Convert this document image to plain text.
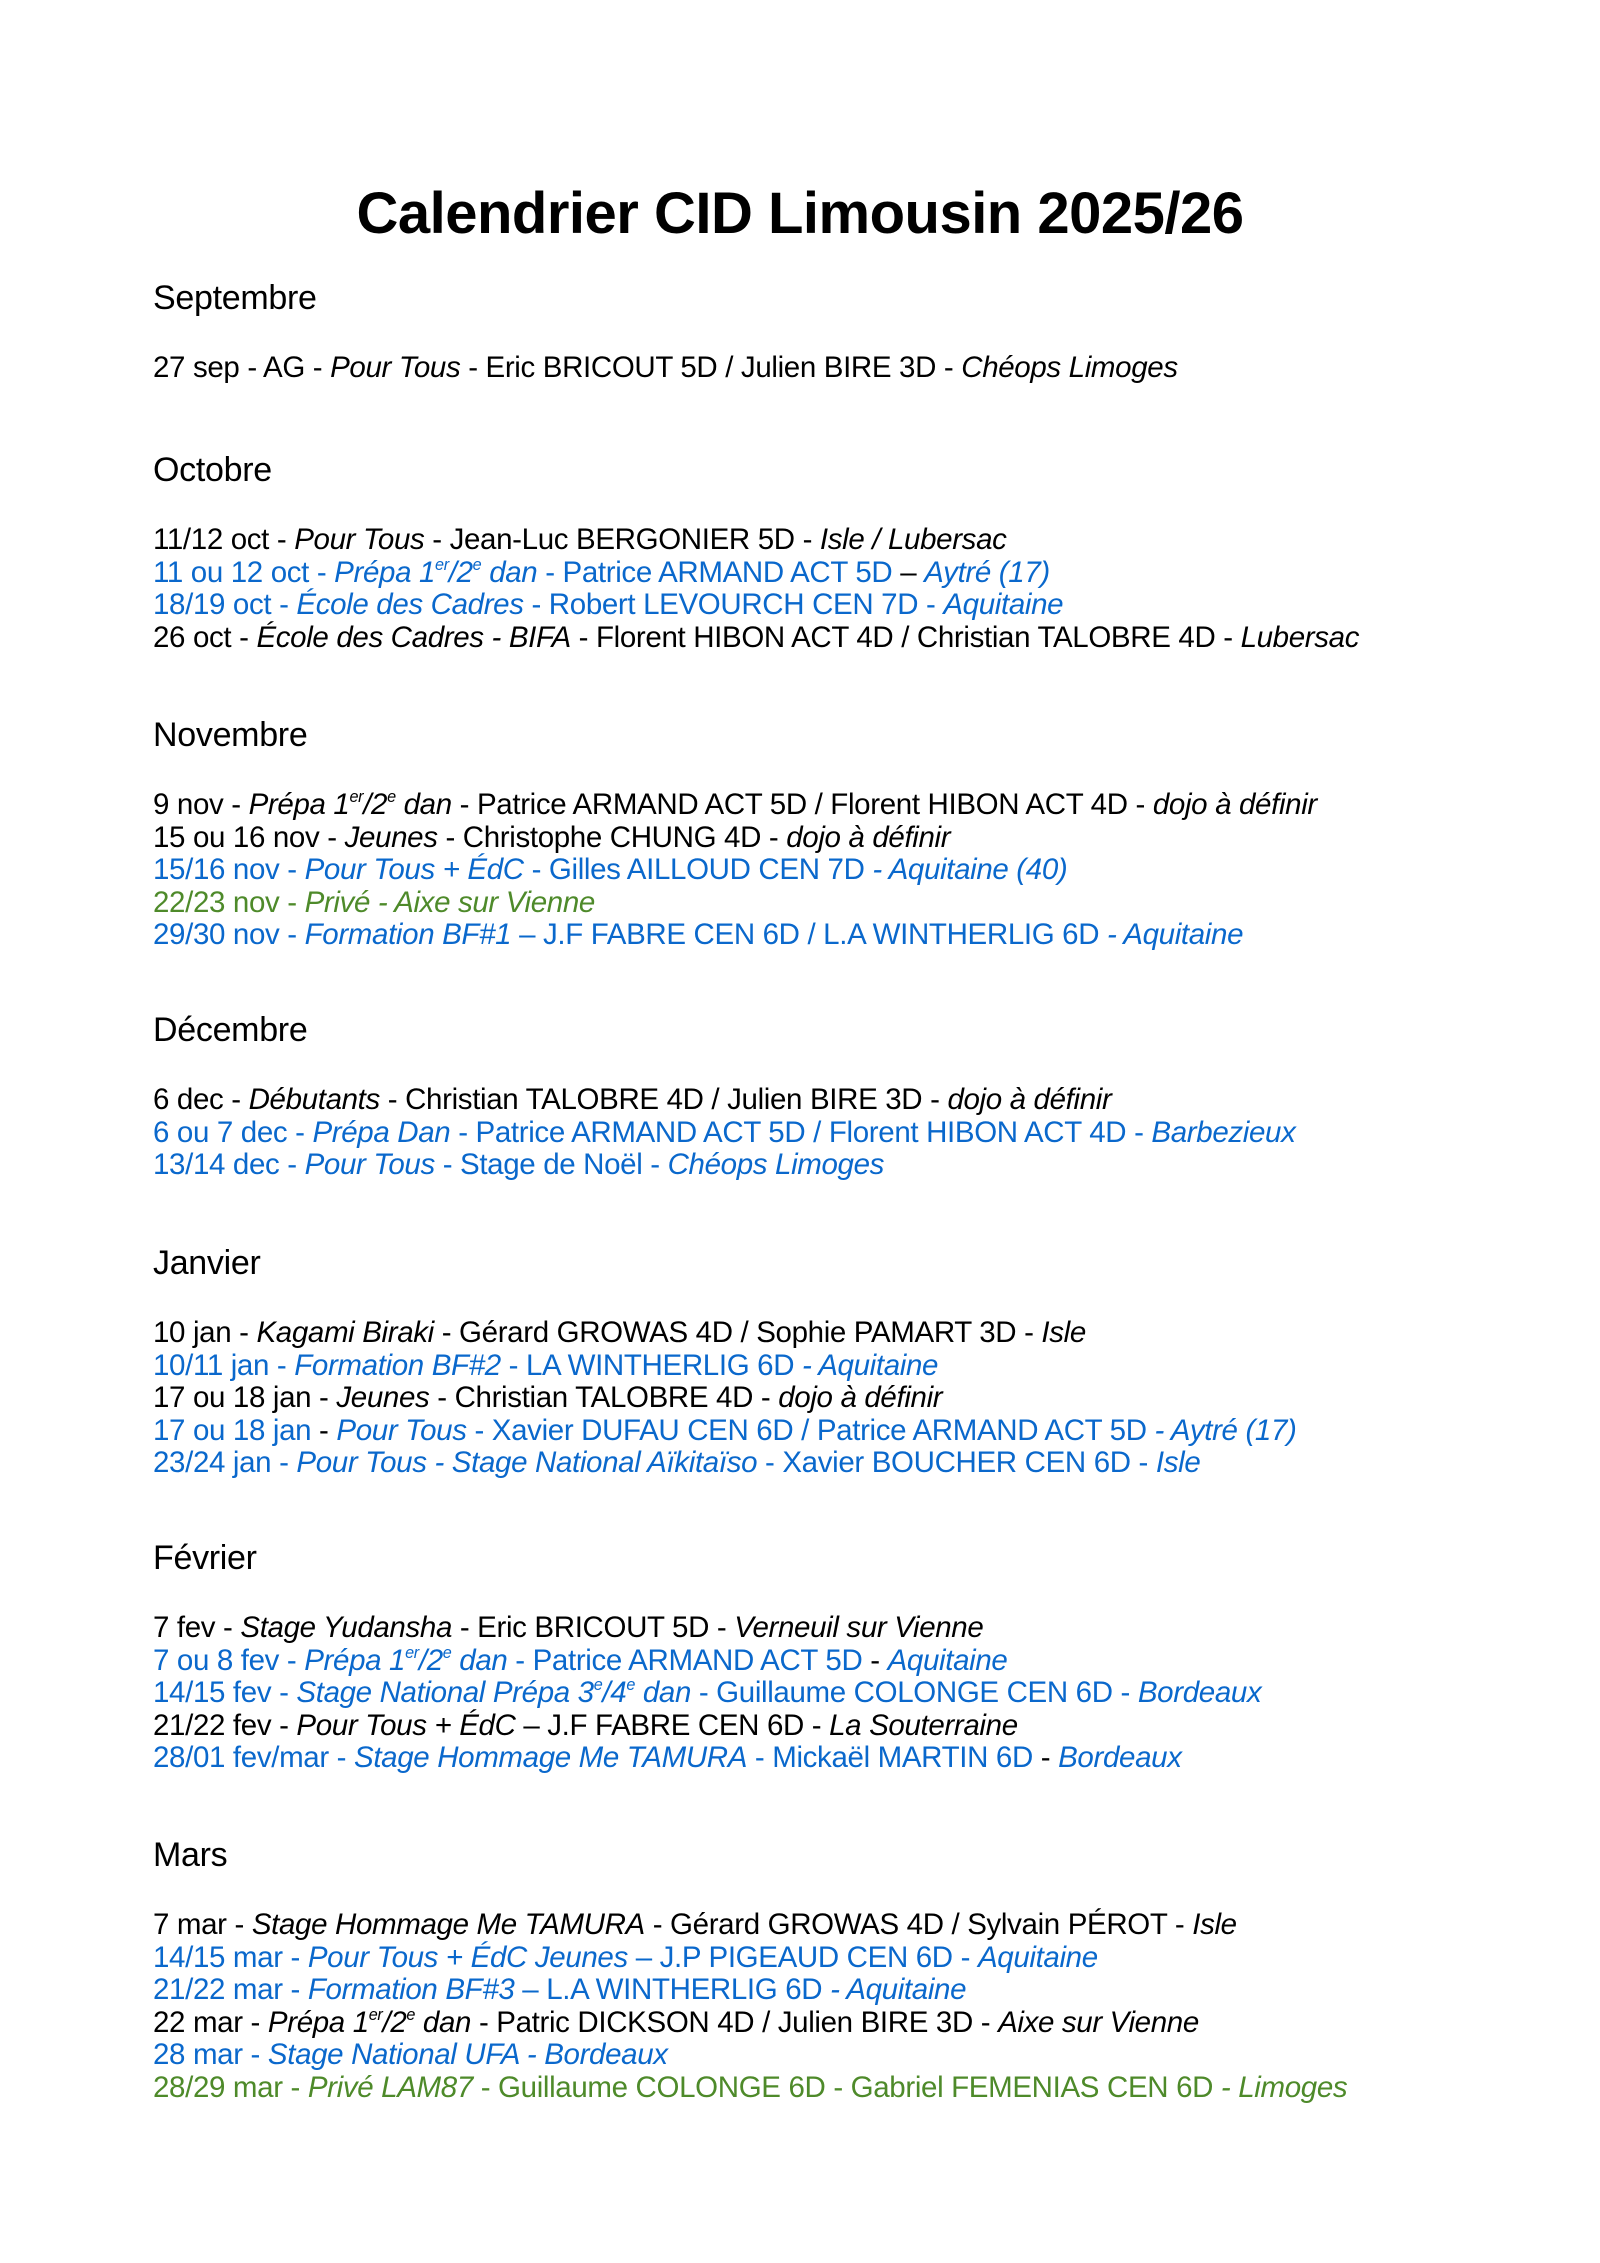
Calendrier CID Limousin 2025/26
Septembre
27 sep - AG - Pour Tous - Eric BRICOUT 5D / Julien BIRE 3D - Chéops Limoges
Octobre
11/12 oct - Pour Tous - Jean-Luc BERGONIER 5D - Isle / Lubersac
11 ou 12 oct - Prépa 1er/2e dan - Patrice ARMAND ACT 5D – Aytré (17)
18/19 oct - École des Cadres - Robert LEVOURCH CEN 7D - Aquitaine
26 oct - École des Cadres - BIFA - Florent HIBON ACT 4D / Christian TALOBRE 4D - Lubersac
Novembre
9 nov - Prépa 1er/2e dan - Patrice ARMAND ACT 5D / Florent HIBON ACT 4D - dojo à définir
15 ou 16 nov - Jeunes - Christophe CHUNG 4D - dojo à définir
15/16 nov - Pour Tous + ÉdC - Gilles AILLOUD CEN 7D - Aquitaine (40)
22/23 nov - Privé - Aixe sur Vienne
29/30 nov - Formation BF#1 – J.F FABRE CEN 6D / L.A WINTHERLIG 6D - Aquitaine
Décembre
6 dec - Débutants - Christian TALOBRE 4D / Julien BIRE 3D - dojo à définir
6 ou 7 dec - Prépa Dan - Patrice ARMAND ACT 5D / Florent HIBON ACT 4D - Barbezieux
13/14 dec - Pour Tous - Stage de Noël - Chéops Limoges
Janvier
10 jan - Kagami Biraki - Gérard GROWAS 4D / Sophie PAMART 3D - Isle
10/11 jan - Formation BF#2 - LA WINTHERLIG 6D - Aquitaine
17 ou 18 jan - Jeunes - Christian TALOBRE 4D - dojo à définir
17 ou 18 jan - Pour Tous - Xavier DUFAU CEN 6D / Patrice ARMAND ACT 5D - Aytré (17)
23/24 jan - Pour Tous - Stage National Aïkitaïso - Xavier BOUCHER CEN 6D - Isle
Février
7 fev - Stage Yudansha - Eric BRICOUT 5D - Verneuil sur Vienne
7 ou 8 fev - Prépa 1er/2e dan - Patrice ARMAND ACT 5D - Aquitaine
14/15 fev - Stage National Prépa 3e/4e dan - Guillaume COLONGE CEN 6D - Bordeaux
21/22 fev - Pour Tous + ÉdC – J.F FABRE CEN 6D - La Souterraine
28/01 fev/mar - Stage Hommage Me TAMURA - Mickaël MARTIN 6D - Bordeaux
Mars
7 mar - Stage Hommage Me TAMURA - Gérard GROWAS 4D / Sylvain PÉROT - Isle
14/15 mar - Pour Tous + ÉdC Jeunes – J.P PIGEAUD CEN 6D - Aquitaine
21/22 mar - Formation BF#3 – L.A WINTHERLIG 6D - Aquitaine
22 mar - Prépa 1er/2e dan - Patric DICKSON 4D / Julien BIRE 3D - Aixe sur Vienne
28 mar - Stage National UFA - Bordeaux
28/29 mar - Privé LAM87 - Guillaume COLONGE 6D - Gabriel FEMENIAS CEN 6D - Limoges
